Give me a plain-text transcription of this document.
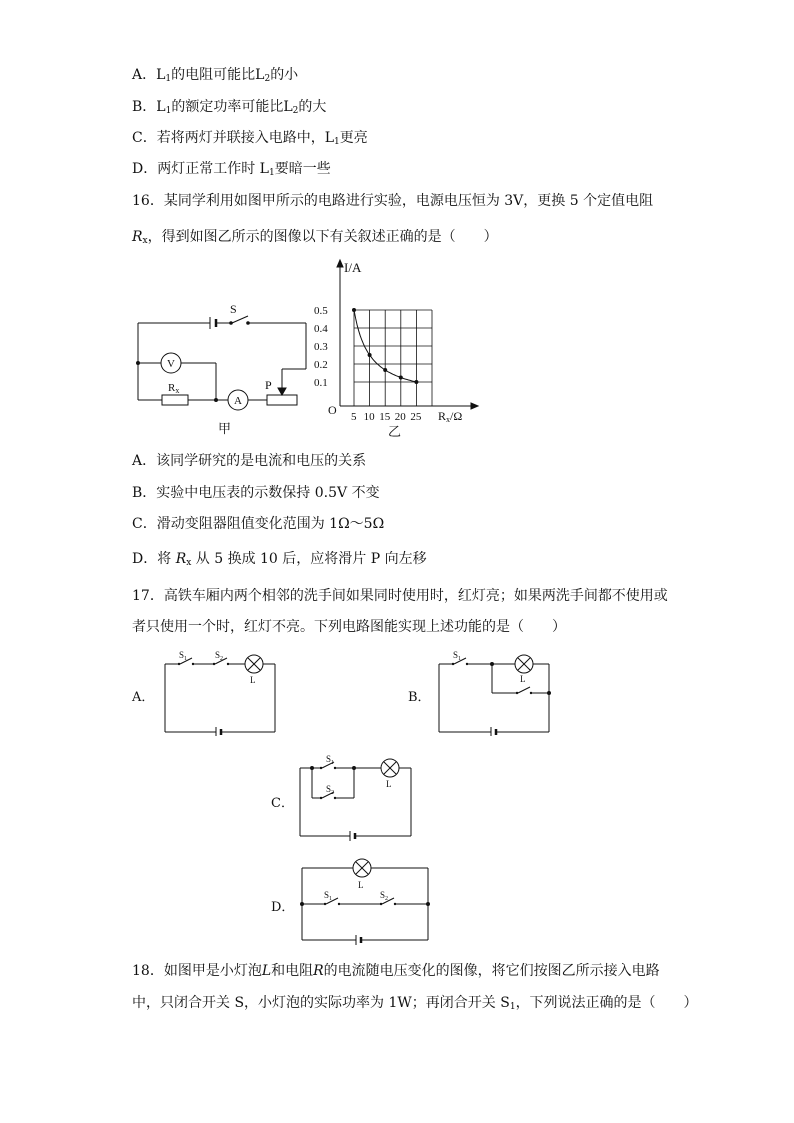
A．$L_1$的电阻可能比$L_2$的小
B．$L_1$的额定功率可能比$L_2$的大
C．若将两灯并联接入电路中，$L_1$更亮
D．两灯正常工作时 $L_1$要暗一些
16．某同学利用如图甲所示的电路进行实验，电源电压恒为 3V，更换 5 个定值电阻
$R_x$，得到如图乙所示的图像以下有关叙述正确的是（　　）
S
V
Rx
A
P
甲
0.5
0.4
0.3
0.2
0.1
5 10 15 20 25
I/A
Rx/Ω
O
乙
A．该同学研究的是电流和电压的关系
B．实验中电压表的示数保持 0.5V 不变
C．滑动变阻器阻值变化范围为 1Ω～5Ω
D．将 $R_x$ 从 5 换成 10 后，应将滑片 P 向左移
17．高铁车厢内两个相邻的洗手间如果同时使用时，红灯亮；如果两洗手间都不使用或
者只使用一个时，红灯不亮。下列电路图能实现上述功能的是（　　）
A．
$S_1$	$S_2$
L
B．
$S_1$
L
C．
$S_1$
$S_2$
L
D．
$S_1$	$S_2$
L
18．如图甲是小灯泡L和电阻R的电流随电压变化的图像，将它们按图乙所示接入电路
中，只闭合开关 S，小灯泡的实际功率为 1W；再闭合开关 $S_1$，下列说法正确的是（　　）
